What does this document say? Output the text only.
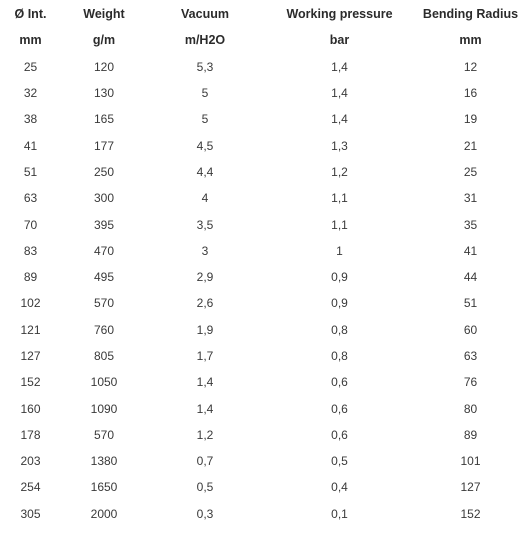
Ø Int.	Weight	Vacuum	Working pressure	Bending Radius
mm	g/m	m/H2O	bar	mm
25	120	5,3	1,4	12
32	130	5	1,4	16
38	165	5	1,4	19
41	177	4,5	1,3	21
51	250	4,4	1,2	25
63	300	4	1,1	31
70	395	3,5	1,1	35
83	470	3	1	41
89	495	2,9	0,9	44
102	570	2,6	0,9	51
121	760	1,9	0,8	60
127	805	1,7	0,8	63
152	1050	1,4	0,6	76
160	1090	1,4	0,6	80
178	570	1,2	0,6	89
203	1380	0,7	0,5	101
254	1650	0,5	0,4	127
305	2000	0,3	0,1	152
